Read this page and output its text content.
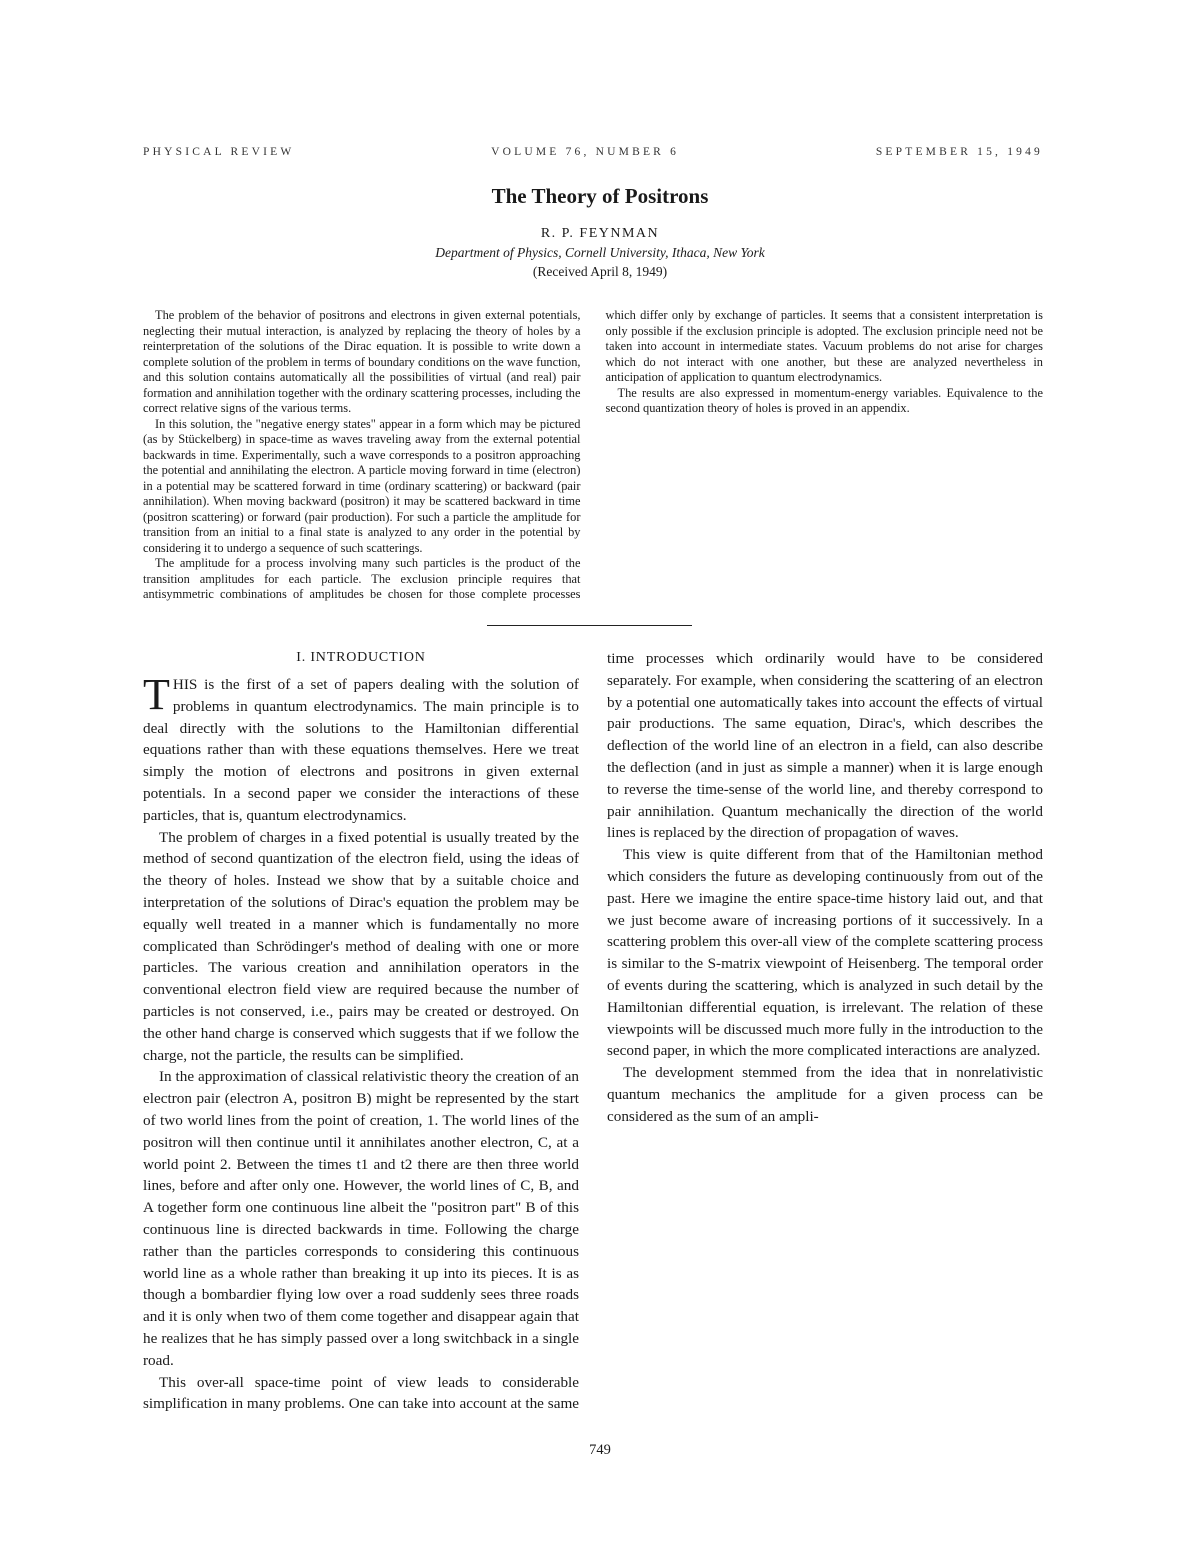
PHYSICAL REVIEW	VOLUME 76, NUMBER 6	SEPTEMBER 15, 1949
The Theory of Positrons
R. P. FEYNMAN
Department of Physics, Cornell University, Ithaca, New York
(Received April 8, 1949)

The problem of the behavior of positrons and electrons in given external potentials, neglecting their mutual interaction, is analyzed by replacing the theory of holes by a reinterpretation of the solutions of the Dirac equation. It is possible to write down a complete solution of the problem in terms of boundary conditions on the wave function, and this solution contains automatically all the possibilities of virtual (and real) pair formation and annihilation together with the ordinary scattering processes, including the correct relative signs of the various terms.

In this solution, the "negative energy states" appear in a form which may be pictured (as by Stückelberg) in space-time as waves traveling away from the external potential backwards in time. Experimentally, such a wave corresponds to a positron approaching the potential and annihilating the electron. A particle moving forward in time (electron) in a potential may be scattered forward in time (ordinary scattering) or backward (pair annihilation). When moving backward (positron) it may be scattered backward in time (positron scattering) or forward (pair production). For such a particle the amplitude for transition from an initial to a final state is analyzed to any order in the potential by considering it to undergo a sequence of such scatterings.

The amplitude for a process involving many such particles is the product of the transition amplitudes for each particle. The exclusion principle requires that antisymmetric combinations of amplitudes be chosen for those complete processes which differ only by exchange of particles. It seems that a consistent interpretation is only possible if the exclusion principle is adopted. The exclusion principle need not be taken into account in intermediate states. Vacuum problems do not arise for charges which do not interact with one another, but these are analyzed nevertheless in anticipation of application to quantum electrodynamics.

The results are also expressed in momentum-energy variables. Equivalence to the second quantization theory of holes is proved in an appendix.

I. INTRODUCTION

THIS is the first of a set of papers dealing with the solution of problems in quantum electrodynamics. The main principle is to deal directly with the solutions to the Hamiltonian differential equations rather than with these equations themselves. Here we treat simply the motion of electrons and positrons in given external potentials. In a second paper we consider the interactions of these particles, that is, quantum electrodynamics.

The problem of charges in a fixed potential is usually treated by the method of second quantization of the electron field, using the ideas of the theory of holes. Instead we show that by a suitable choice and interpretation of the solutions of Dirac's equation the problem may be equally well treated in a manner which is fundamentally no more complicated than Schrödinger's method of dealing with one or more particles. The various creation and annihilation operators in the conventional electron field view are required because the number of particles is not conserved, i.e., pairs may be created or destroyed. On the other hand charge is conserved which suggests that if we follow the charge, not the particle, the results can be simplified.

In the approximation of classical relativistic theory the creation of an electron pair (electron A, positron B) might be represented by the start of two world lines from the point of creation, 1. The world lines of the positron will then continue until it annihilates another electron, C, at a world point 2. Between the times t1 and t2 there are then three world lines, before and after only one. However, the world lines of C, B, and A together form one continuous line albeit the "positron part" B of this continuous line is directed backwards in time. Following the charge rather than the particles corresponds to considering this continuous world line as a whole rather than breaking it up into its pieces. It is as though a bombardier flying low over a road suddenly sees three roads and it is only when two of them come together and disappear again that he realizes that he has simply passed over a long switchback in a single road.

This over-all space-time point of view leads to considerable simplification in many problems. One can take into account at the same time processes which ordinarily would have to be considered separately. For example, when considering the scattering of an electron by a potential one automatically takes into account the effects of virtual pair productions. The same equation, Dirac's, which describes the deflection of the world line of an electron in a field, can also describe the deflection (and in just as simple a manner) when it is large enough to reverse the time-sense of the world line, and thereby correspond to pair annihilation. Quantum mechanically the direction of the world lines is replaced by the direction of propagation of waves.

This view is quite different from that of the Hamiltonian method which considers the future as developing continuously from out of the past. Here we imagine the entire space-time history laid out, and that we just become aware of increasing portions of it successively. In a scattering problem this over-all view of the complete scattering process is similar to the S-matrix viewpoint of Heisenberg. The temporal order of events during the scattering, which is analyzed in such detail by the Hamiltonian differential equation, is irrelevant. The relation of these viewpoints will be discussed much more fully in the introduction to the second paper, in which the more complicated interactions are analyzed.

The development stemmed from the idea that in nonrelativistic quantum mechanics the amplitude for a given process can be considered as the sum of an ampli-

749
